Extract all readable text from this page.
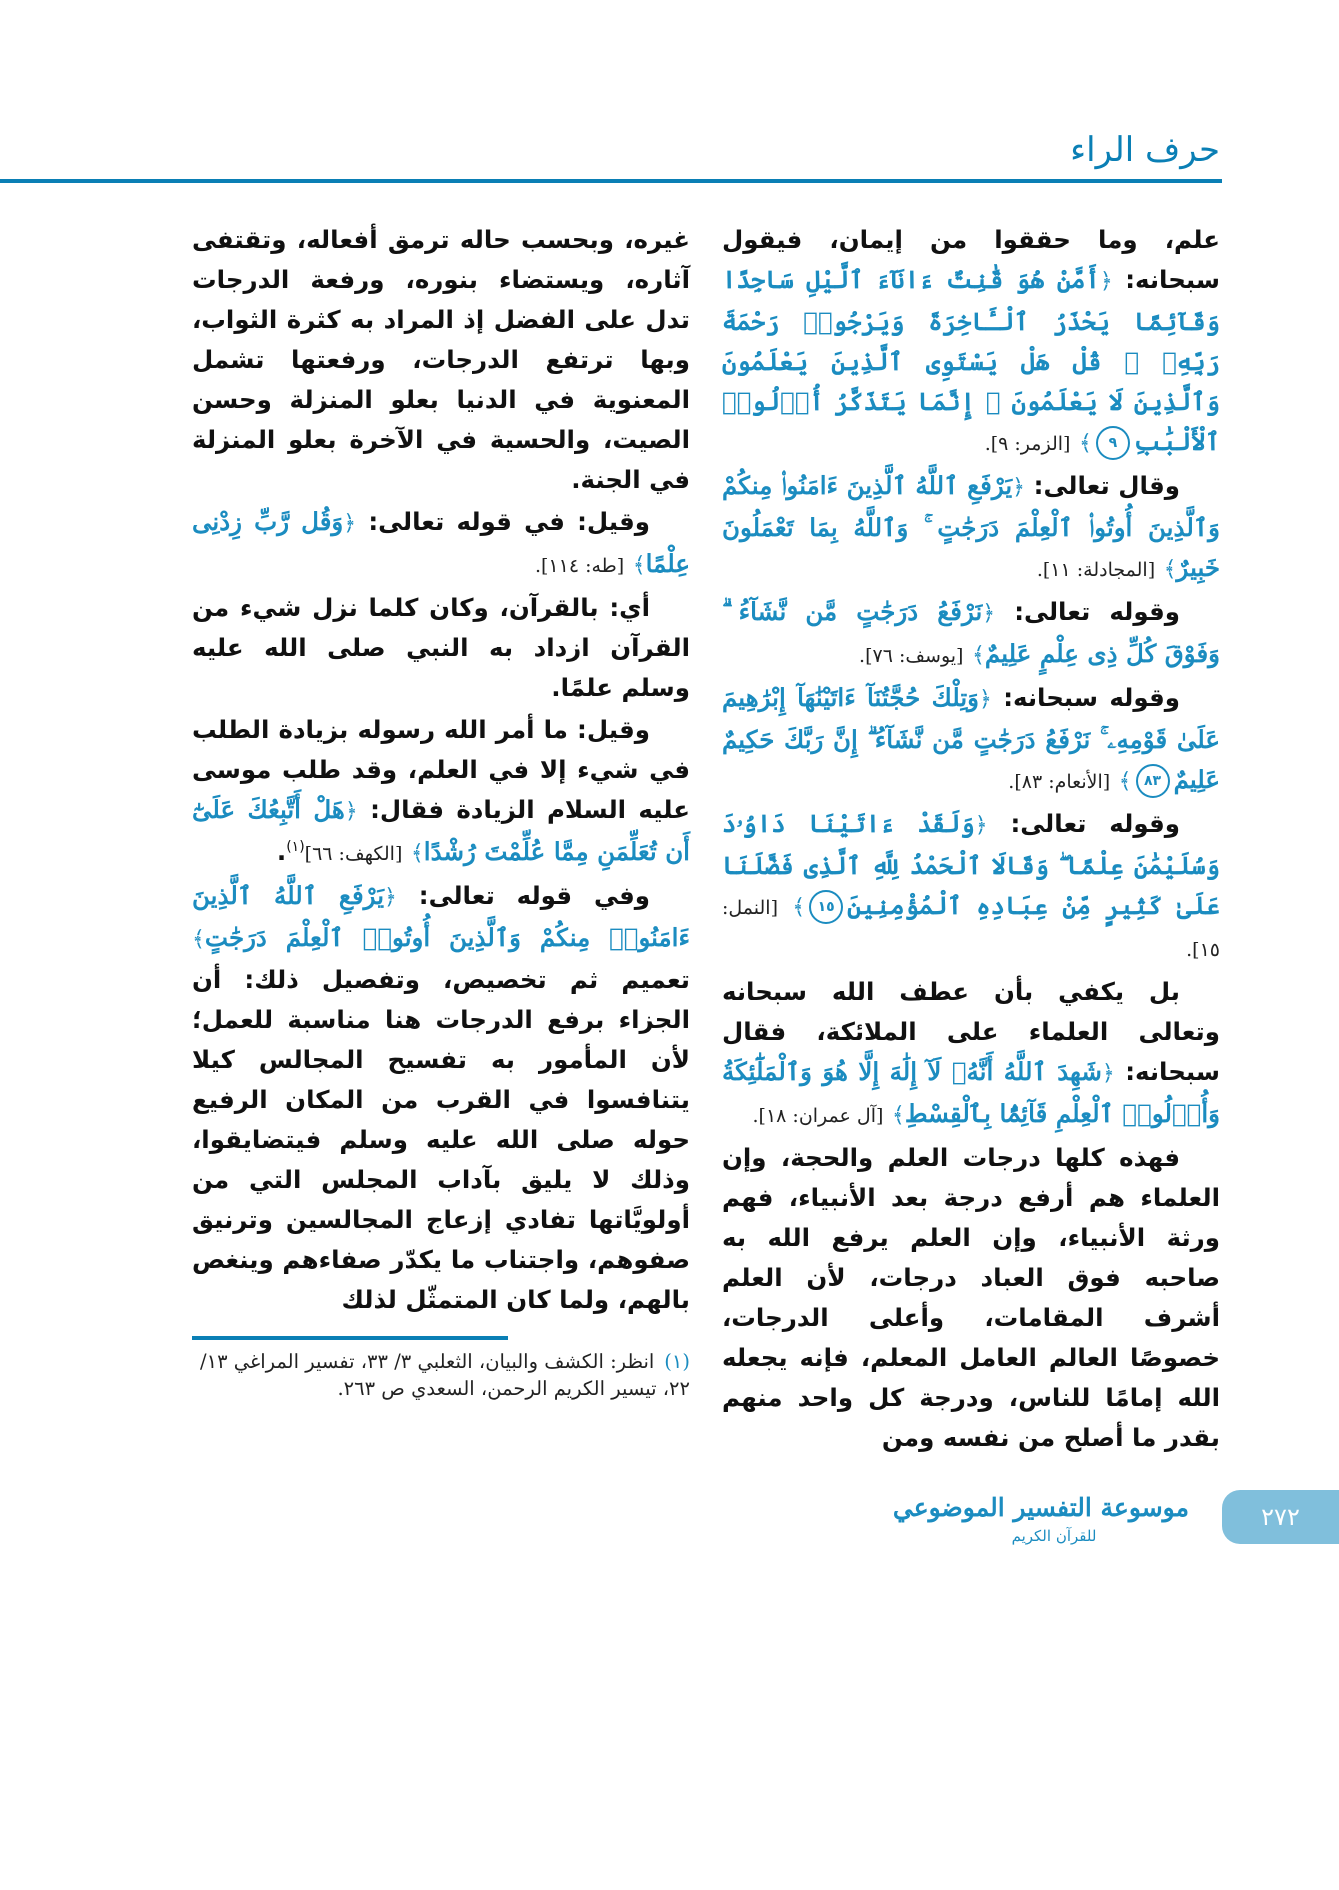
حرف الراء

علم، وما حققوا من إيمان، فيقول سبحانه: ﴿أَمَّنْ هُوَ قَٰنِتٌ ءَانَآءَ ٱلَّيْلِ سَاجِدًا وَقَآئِمًا يَحْذَرُ ٱلْـَٔاخِرَةَ وَيَرْجُوا۟ رَحْمَةَ رَبِّهِۦ ۗ قُلْ هَلْ يَسْتَوِى ٱلَّذِينَ يَعْلَمُونَ وَٱلَّذِينَ لَا يَعْلَمُونَ ۗ إِنَّمَا يَتَذَكَّرُ أُو۟لُوا۟ ٱلْأَلْبَٰبِ٩﴾ [الزمر: ٩].

وقال تعالى: ﴿يَرْفَعِ ٱللَّهُ ٱلَّذِينَ ءَامَنُوا۟ مِنكُمْ وَٱلَّذِينَ أُوتُوا۟ ٱلْعِلْمَ دَرَجَٰتٍ ۚ وَٱللَّهُ بِمَا تَعْمَلُونَ خَبِيرٌ﴾ [المجادلة: ١١].

وقوله تعالى: ﴿نَرْفَعُ دَرَجَٰتٍ مَّن نَّشَآءُ ۗ وَفَوْقَ كُلِّ ذِى عِلْمٍ عَلِيمٌ﴾ [يوسف: ٧٦].

وقوله سبحانه: ﴿وَتِلْكَ حُجَّتُنَآ ءَاتَيْنَٰهَآ إِبْرَٰهِيمَ عَلَىٰ قَوْمِهِۦ ۚ نَرْفَعُ دَرَجَٰتٍ مَّن نَّشَآءُ ۗ إِنَّ رَبَّكَ حَكِيمٌ عَلِيمٌ٨٣﴾ [الأنعام: ٨٣].

وقوله تعالى: ﴿وَلَقَدْ ءَاتَيْنَا دَاوُۥدَ وَسُلَيْمَٰنَ عِلْمًا ۖ وَقَالَا ٱلْحَمْدُ لِلَّهِ ٱلَّذِى فَضَّلَنَا عَلَىٰ كَثِيرٍ مِّنْ عِبَادِهِ ٱلْمُؤْمِنِينَ١٥﴾ [النمل: ١٥].

بل يكفي بأن عطف الله سبحانه وتعالى العلماء على الملائكة، فقال سبحانه: ﴿شَهِدَ ٱللَّهُ أَنَّهُۥ لَآ إِلَٰهَ إِلَّا هُوَ وَٱلْمَلَٰٓئِكَةُ وَأُو۟لُوا۟ ٱلْعِلْمِ قَآئِمًۢا بِٱلْقِسْطِ﴾ [آل عمران: ١٨].

فهذه كلها درجات العلم والحجة، وإن العلماء هم أرفع درجة بعد الأنبياء، فهم ورثة الأنبياء، وإن العلم يرفع الله به صاحبه فوق العباد درجات، لأن العلم أشرف المقامات، وأعلى الدرجات، خصوصًا العالم العامل المعلم، فإنه يجعله الله إمامًا للناس، ودرجة كل واحد منهم بقدر ما أصلح من نفسه ومن

غيره، وبحسب حاله ترمق أفعاله، وتقتفى آثاره، ويستضاء بنوره، ورفعة الدرجات تدل على الفضل إذ المراد به كثرة الثواب، وبها ترتفع الدرجات، ورفعتها تشمل المعنوية في الدنيا بعلو المنزلة وحسن الصيت، والحسية في الآخرة بعلو المنزلة في الجنة.

وقيل: في قوله تعالى: ﴿وَقُل رَّبِّ زِدْنِى عِلْمًا﴾ [طه: ١١٤].

أي: بالقرآن، وكان كلما نزل شيء من القرآن ازداد به النبي صلى الله عليه وسلم علمًا.

وقيل: ما أمر الله رسوله بزيادة الطلب في شيء إلا في العلم، وقد طلب موسى عليه السلام الزيادة فقال: ﴿هَلْ أَتَّبِعُكَ عَلَىٰٓ أَن تُعَلِّمَنِ مِمَّا عُلِّمْتَ رُشْدًا﴾ [الكهف: ٦٦]$^{(١)}$.

وفي قوله تعالى: ﴿يَرْفَعِ ٱللَّهُ ٱلَّذِينَ ءَامَنُوا۟ مِنكُمْ وَٱلَّذِينَ أُوتُوا۟ ٱلْعِلْمَ دَرَجَٰتٍ﴾ تعميم ثم تخصيص، وتفصيل ذلك: أن الجزاء برفع الدرجات هنا مناسبة للعمل؛ لأن المأمور به تفسيح المجالس كيلا يتنافسوا في القرب من المكان الرفيع حوله صلى الله عليه وسلم فيتضايقوا، وذلك لا يليق بآداب المجلس التي من أولويَّاتها تفادي إزعاج المجالسين وترنيق صفوهم، واجتناب ما يكدّر صفاءهم وينغص بالهم، ولما كان المتمثّل لذلك

(١)انظر: الكشف والبيان، الثعلبي ٣/ ٣٣، تفسير المراغي ١٣/ ٢٢، تيسير الكريم الرحمن، السعدي ص ٢٦٣.
موسوعة التفسير الموضوعي
للقرآن الكريم
٢٧٢
